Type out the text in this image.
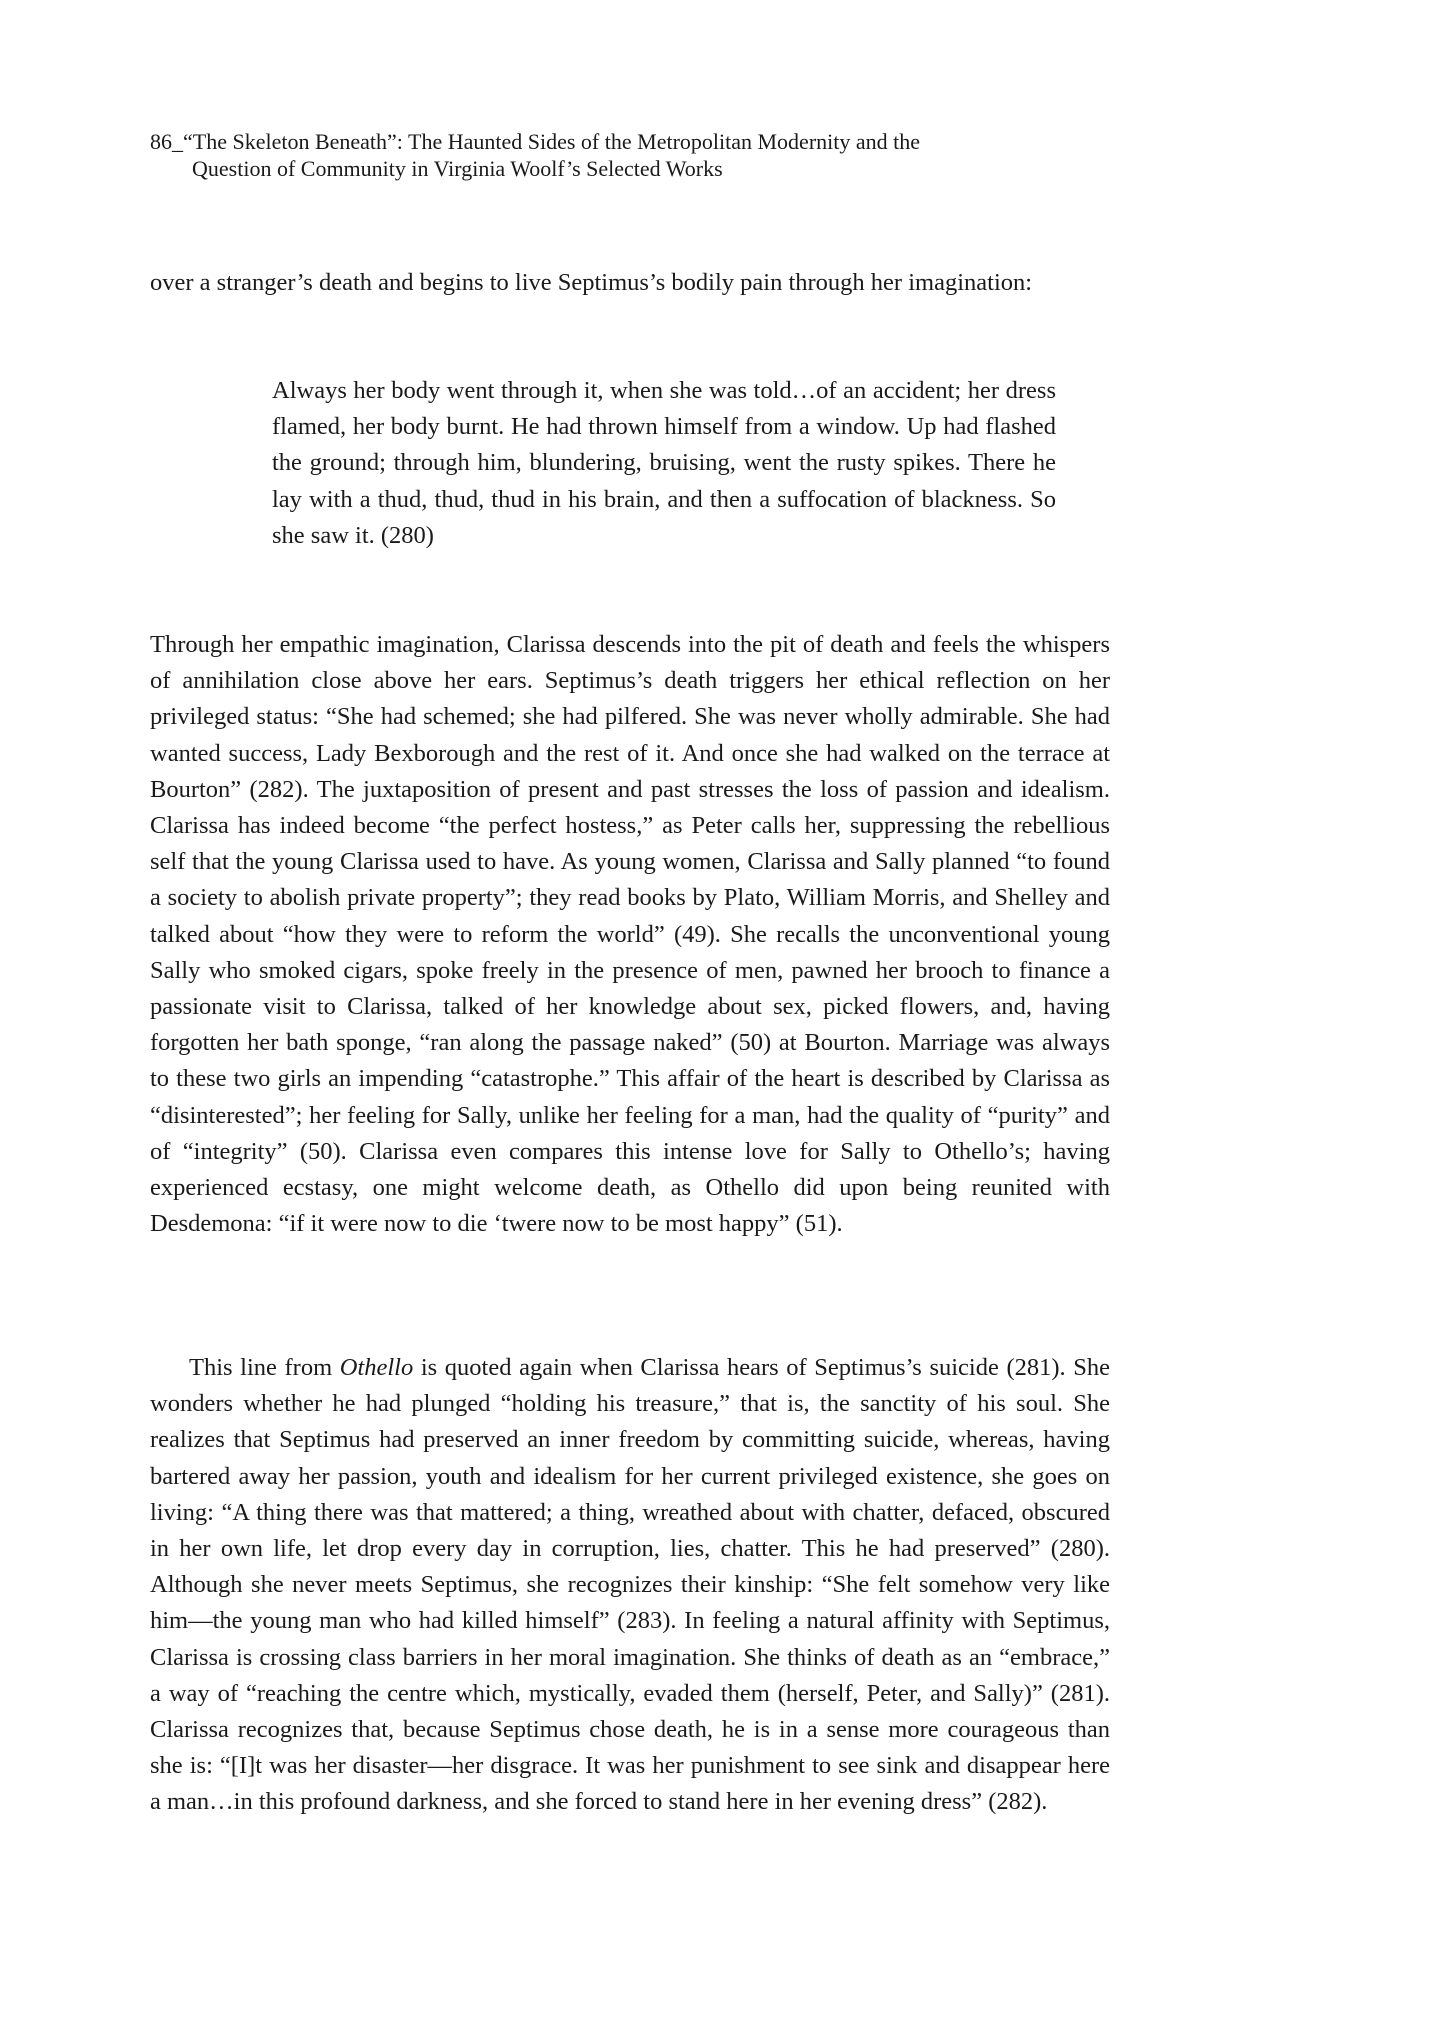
86_“The Skeleton Beneath”: The Haunted Sides of the Metropolitan Modernity and the
Question of Community in Virginia Woolf’s Selected Works

over a stranger’s death and begins to live Septimus’s bodily pain through her imagination:

Always her body went through it, when she was told…of an accident; her dress flamed, her body burnt. He had thrown himself from a window. Up had flashed the ground; through him, blundering, bruising, went the rusty spikes. There he lay with a thud, thud, thud in his brain, and then a suffocation of blackness. So she saw it. (280)

Through her empathic imagination, Clarissa descends into the pit of death and feels the whispers of annihilation close above her ears. Septimus’s death triggers her ethical reflection on her privileged status: “She had schemed; she had pilfered. She was never wholly admirable. She had wanted success, Lady Bexborough and the rest of it. And once she had walked on the terrace at Bourton” (282). The juxtaposition of present and past stresses the loss of passion and idealism. Clarissa has indeed become “the perfect hostess,” as Peter calls her, suppressing the rebellious self that the young Clarissa used to have. As young women, Clarissa and Sally planned “to found a society to abolish private property”; they read books by Plato, William Morris, and Shelley and talked about “how they were to reform the world” (49). She recalls the unconventional young Sally who smoked cigars, spoke freely in the presence of men, pawned her brooch to finance a passionate visit to Clarissa, talked of her knowledge about sex, picked flowers, and, having forgotten her bath sponge, “ran along the passage naked” (50) at Bourton. Marriage was always to these two girls an impending “catastrophe.” This affair of the heart is described by Clarissa as “disinterested”; her feeling for Sally, unlike her feeling for a man, had the quality of “purity” and of “integrity” (50). Clarissa even compares this intense love for Sally to Othello’s; having experienced ecstasy, one might welcome death, as Othello did upon being reunited with Desdemona: “if it were now to die ‘twere now to be most happy” (51).

This line from Othello is quoted again when Clarissa hears of Septimus’s suicide (281). She wonders whether he had plunged “holding his treasure,” that is, the sanctity of his soul. She realizes that Septimus had preserved an inner freedom by committing suicide, whereas, having bartered away her passion, youth and idealism for her current privileged existence, she goes on living: “A thing there was that mattered; a thing, wreathed about with chatter, defaced, obscured in her own life, let drop every day in corruption, lies, chatter. This he had preserved” (280). Although she never meets Septimus, she recognizes their kinship: “She felt somehow very like him—the young man who had killed himself” (283). In feeling a natural affinity with Septimus, Clarissa is crossing class barriers in her moral imagination. She thinks of death as an “embrace,” a way of “reaching the centre which, mystically, evaded them (herself, Peter, and Sally)” (281). Clarissa recognizes that, because Septimus chose death, he is in a sense more courageous than she is: “[I]t was her disaster—her disgrace. It was her punishment to see sink and disappear here a man…in this profound darkness, and she forced to stand here in her evening dress” (282).
